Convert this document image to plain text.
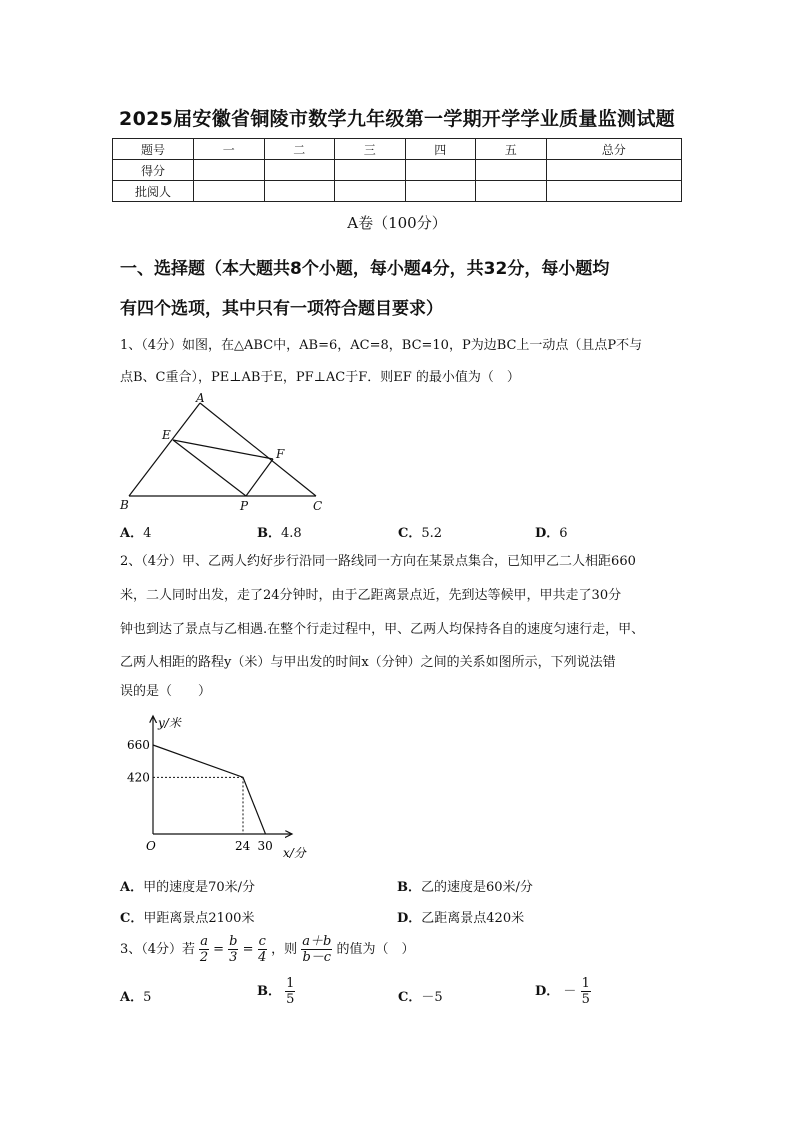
2025届安徽省铜陵市数学九年级第一学期开学学业质量监测试题
题号	一	二	三	四	五	总分
得分						
批阅人						
A卷（100分）
一、选择题（本大题共8个小题，每小题4分，共32分，每小题均
有四个选项，其中只有一项符合题目要求）
1、（4分）如图，在△ABC中，AB=6，AC=8，BC=10，P为边BC上一动点（且点P不与
点B、C重合），PE⊥AB于E，PF⊥AC于F．则EF 的最小值为（　）
A
E
F
B	P	C
A．4	B．4.8	C．5.2	D．6
2、（4分）甲、乙两人约好步行沿同一路线同一方向在某景点集合，已知甲乙二人相距660
米，二人同时出发，走了24分钟时，由于乙距离景点近，先到达等候甲，甲共走了30分
钟也到达了景点与乙相遇.在整个行走过程中，甲、乙两人均保持各自的速度匀速行走，甲、
乙两人相距的路程y（米）与甲出发的时间x（分钟）之间的关系如图所示，下列说法错
误的是（　　）
y/米
x/分
O
660
420
24 30
A．甲的速度是70米/分	B．乙的速度是60米/分
C．甲距离景点2100米	D．乙距离景点420米
3、（4分）若 $\frac{a}{2} = \frac{b}{3} = \frac{c}{4}$ ，则 $\frac{a+b}{b-c}$ 的值为（　）
A．5	B． $\frac{1}{5}$	C．－5	D． － $\frac{1}{5}$
